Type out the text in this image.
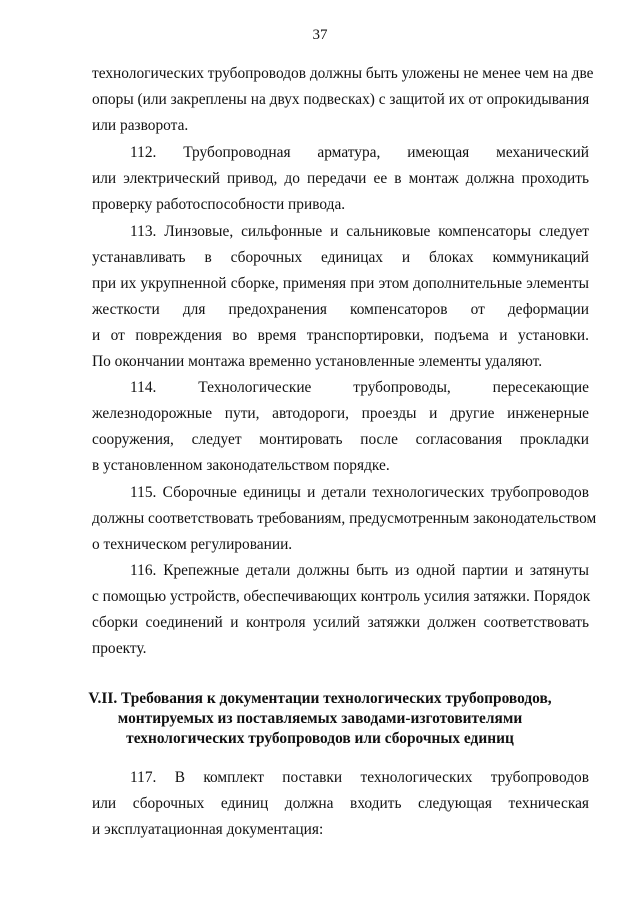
37
технологических трубопроводов должны быть уложены не менее чем на две
опоры (или закреплены на двух подвесках) с защитой их от опрокидывания
или разворота.
112. Трубопроводная арматура, имеющая механический
или электрический привод, до передачи ее в монтаж должна проходить
проверку работоспособности привода.
113. Линзовые, сильфонные и сальниковые компенсаторы следует
устанавливать в сборочных единицах и блоках коммуникаций
при их укрупненной сборке, применяя при этом дополнительные элементы
жесткости для предохранения компенсаторов от деформации
и от повреждения во время транспортировки, подъема и установки.
По окончании монтажа временно установленные элементы удаляют.
114. Технологические трубопроводы, пересекающие
железнодорожные пути, автодороги, проезды и другие инженерные
сооружения, следует монтировать после согласования прокладки
в установленном законодательством порядке.
115. Сборочные единицы и детали технологических трубопроводов
должны соответствовать требованиям, предусмотренным законодательством
о техническом регулировании.
116. Крепежные детали должны быть из одной партии и затянуты
с помощью устройств, обеспечивающих контроль усилия затяжки. Порядок
сборки соединений и контроля усилий затяжки должен соответствовать
проекту.
117. В комплект поставки технологических трубопроводов
или сборочных единиц должна входить следующая техническая
и эксплуатационная документация:
V.II. Требования к документации технологических трубопроводов,
монтируемых из поставляемых заводами-изготовителями
технологических трубопроводов или сборочных единиц
